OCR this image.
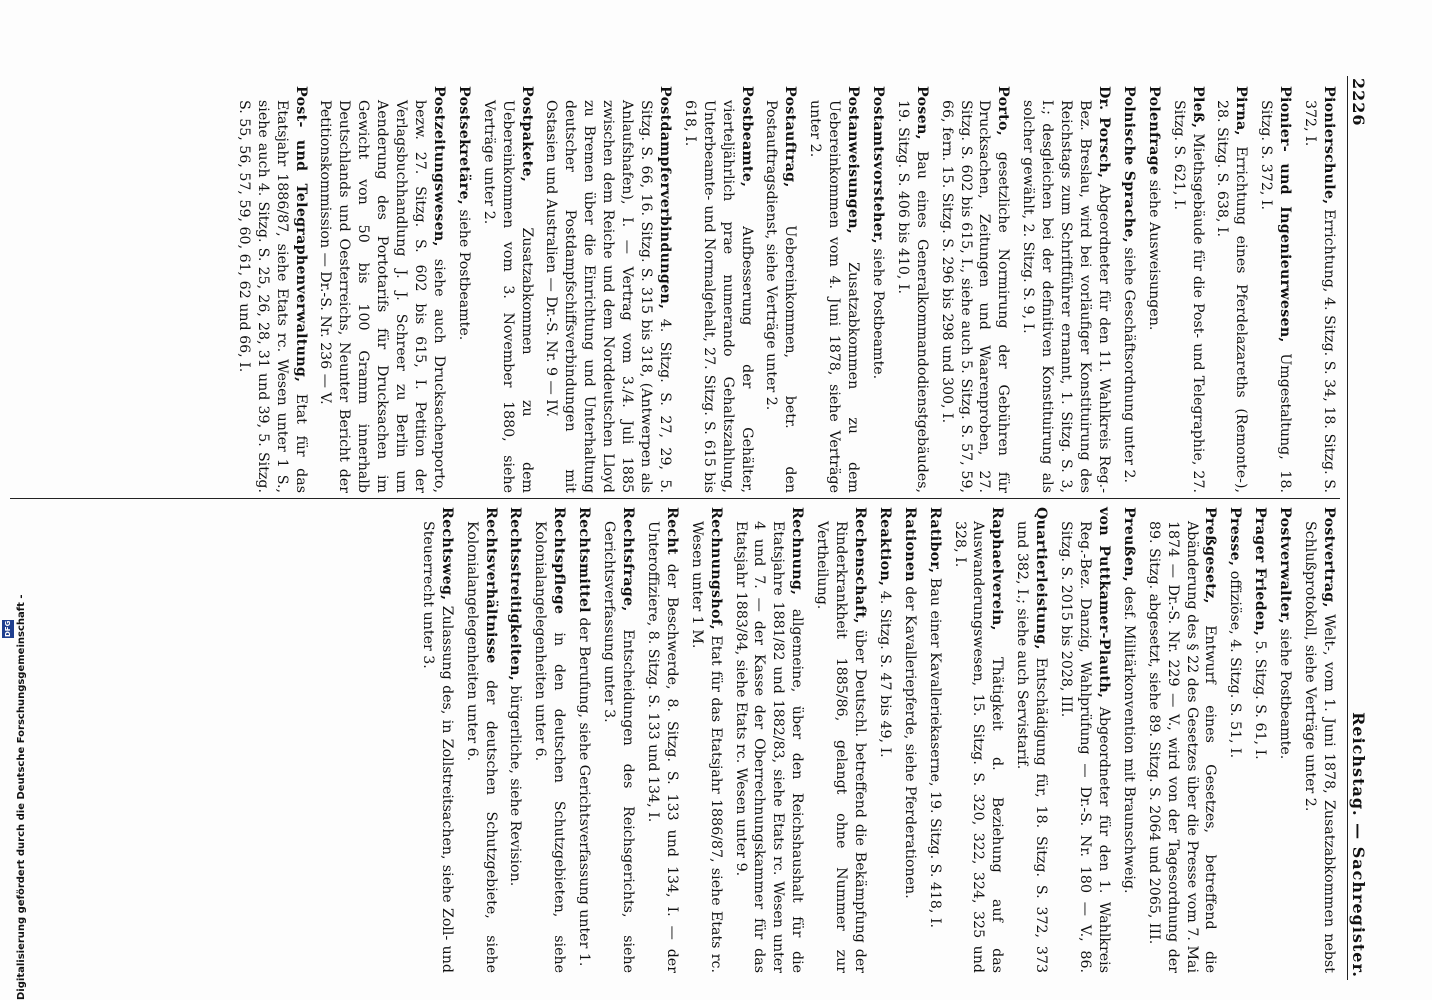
2226
Reichstag. — Sachregister.

Pionierschule, Errichtung, 4. Sitzg. S. 34, 18. Sitzg. S. 372, I.

Pionier- und Ingenieurwesen, Umgestaltung, 18. Sitzg. S. 372, I.

Pirna, Errichtung eines Pferdelazareths (Remonte-), 28. Sitzg. S. 638, I.

Pleß, Miethsgebäude für die Post- und Telegraphie, 27. Sitzg. S. 621, I.

Polenfrage siehe Ausweisungen.

Polnische Sprache, siehe Geschäftsordnung unter 2.

Dr. Porsch, Abgeordneter für den 11. Wahlkreis Reg.-Bez. Breslau, wird bei vorläufiger Konstituirung des Reichstags zum Schriftführer ernannt, 1. Sitzg. S. 3, I.; desgleichen bei der definitiven Konstituirung als solcher gewählt, 2. Sitzg. S. 9, I.

Porto, gesetzliche Normirung der Gebühren für Drucksachen, Zeitungen und Waarenproben, 27. Sitzg. S. 602 bis 615, I., siehe auch 5. Sitzg. S. 57, 59, 66, fern. 15. Sitzg. S. 296 bis 298 und 300, I.

Posen, Bau eines Generalkommandodienstgebäudes, 19. Sitzg. S. 406 bis 410, I.

Postamtsvorsteher, siehe Postbeamte.

Postanweisungen, Zusatzabkommen zu dem Uebereinkommen vom 4. Juni 1878, siehe Verträge unter 2.

Postauftrag, Uebereinkommen, betr. den Postauftragsdienst, siehe Verträge unter 2.

Postbeamte, Aufbesserung der Gehälter, vierteljährlich prae numerando Gehaltszahlung, Unterbeamte- und Normalgehalt, 27. Sitzg. S. 615 bis 618, I.

Postdampferverbindungen, 4. Sitzg. S. 27, 29, 5. Sitzg. S. 66, 16. Sitzg. S. 315 bis 318, (Antwerpen als Anlaufshafen), I. — Vertrag vom 3./4. Juli 1885 zwischen dem Reiche und dem Norddeutschen Lloyd zu Bremen über die Einrichtung und Unterhaltung deutscher Postdampfschiffsverbindungen mit Ostasien und Australien — Dr.-S. Nr. 9 — IV.

Postpakete, Zusatzabkommen zu dem Uebereinkommen vom 3. November 1880, siehe Verträge unter 2.

Postsekretäre, siehe Postbeamte.

Postzeitungswesen, siehe auch Drucksachenporto, bezw. 27. Sitzg. S. 602 bis 615, I. Petition der Verlagsbuchhandlung J. J. Schreer zu Berlin um Aenderung des Portotarifs für Drucksachen im Gewicht von 50 bis 100 Gramm innerhalb Deutschlands und Oesterreichs, Neunter Bericht der Petitionskommission — Dr.-S. Nr. 236 — V.

Post- und Telegraphenverwaltung, Etat für das Etatsjahr 1886/87, siehe Etats rc. Wesen unter 1 S., siehe auch 4. Sitzg. S. 25, 26, 28, 31 und 39, 5. Sitzg. S. 55, 56, 57, 59, 60, 61, 62 und 66, I.

Postvertrag, Welt-, vom 1. Juni 1878, Zusatzabkommen nebst Schlußprotokoll, siehe Verträge unter 2.

Postverwalter, siehe Postbeamte.

Prager Frieden, 5. Sitzg. S. 61, I.

Presse, offiziöse, 4. Sitzg. S. 51, I.

Preßgesetz, Entwurf eines Gesetzes, betreffend die Abänderung des § 22 des Gesetzes über die Presse vom 7. Mai 1874 — Dr.-S. Nr. 229 — V., wird von der Tagesordnung der 89. Sitzg. abgesetzt, siehe 89. Sitzg. S. 2064 und 2065, III.

Preußen, desf. Militärkonvention mit Braunschweig.

von Puttkamer-Plauth, Abgeordneter für den 1. Wahlkreis Reg.-Bez. Danzig, Wahlprüfung — Dr.-S. Nr. 180 — V., 86. Sitzg. S. 2015 bis 2028, III.

Quartierleistung, Entschädigung für, 18. Sitzg. S. 372, 373 und 382, I.; siehe auch Servistarif.

Raphaelverein, Thätigkeit d. Beziehung auf das Auswanderungswesen, 15. Sitzg. S. 320, 322, 324, 325 und 328, I.

Ratibor, Bau einer Kavalleriekaserne, 19. Sitzg. S. 418, I.

Rationen der Kavalleriepferde, siehe Pferderationen.

Reaktion, 4. Sitzg. S. 47 bis 49, I.

Rechenschaft, über Deutschl. betreffend die Bekämpfung der Rinderkrankheit 1885/86, gelangt ohne Nummer zur Vertheilung.

Rechnung, allgemeine, über den Reichshaushalt für die Etatsjahre 1881/82 und 1882/83, siehe Etats rc. Wesen unter 4 und 7. — der Kasse der Oberrechnungskammer für das Etatsjahr 1883/84, siehe Etats rc. Wesen unter 9.

Rechnungshof, Etat für das Etatsjahr 1886/87, siehe Etats rc. Wesen unter 1 M.

Recht der Beschwerde, 8. Sitzg. S. 133 und 134, I. — der Unteroffiziere, 8. Sitzg. S. 133 und 134, I.

Rechtsfrage, Entscheidungen des Reichsgerichts, siehe Gerichtsverfassung unter 3.

Rechtsmittel der Berufung, siehe Gerichtsverfassung unter 1.

Rechtspflege in den deutschen Schutzgebieten, siehe Kolonialangelegenheiten unter 6.

Rechtsstreitigkeiten, bürgerliche, siehe Revision.

Rechtsverhältnisse der deutschen Schutzgebiete, siehe Kolonialangelegenheiten unter 6.

Rechtsweg, Zulassung des, in Zollstreitsachen, siehe Zoll- und Steuerrecht unter 3.

DFG Digitalisierung gefördert durch die Deutsche Forschungsgemeinschaft -
